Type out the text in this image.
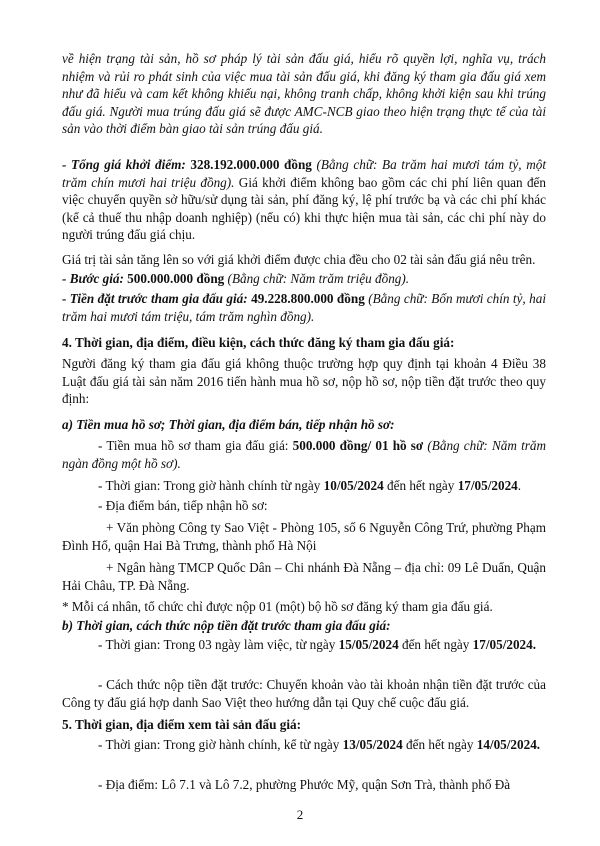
về hiện trạng tài sản, hồ sơ pháp lý tài sản đấu giá, hiểu rõ quyền lợi, nghĩa vụ, trách nhiệm và rủi ro phát sinh của việc mua tài sản đấu giá, khi đăng ký tham gia đấu giá xem như đã hiểu và cam kết không khiếu nại, không tranh chấp, không khởi kiện sau khi trúng đấu giá. Người mua trúng đấu giá sẽ được AMC-NCB giao theo hiện trạng thực tế của tài sản vào thời điểm bàn giao tài sản trúng đấu giá.
- Tổng giá khởi điểm: 328.192.000.000 đồng (Bằng chữ: Ba trăm hai mươi tám tỷ, một trăm chín mươi hai triệu đồng). Giá khởi điểm không bao gồm các chi phí liên quan đến việc chuyển quyền sở hữu/sử dụng tài sản, phí đăng ký, lệ phí trước bạ và các chi phí khác (kể cả thuế thu nhập doanh nghiệp) (nếu có) khi thực hiện mua tài sản, các chi phí này do người trúng đấu giá chịu.
Giá trị tài sản tăng lên so với giá khởi điểm được chia đều cho 02 tài sản đấu giá nêu trên.
- Bước giá: 500.000.000 đồng (Bằng chữ: Năm trăm triệu đồng).
- Tiền đặt trước tham gia đấu giá: 49.228.800.000 đồng (Bằng chữ: Bốn mươi chín tỷ, hai trăm hai mươi tám triệu, tám trăm nghìn đồng).
4. Thời gian, địa điểm, điều kiện, cách thức đăng ký tham gia đấu giá:
Người đăng ký tham gia đấu giá không thuộc trường hợp quy định tại khoản 4 Điều 38 Luật đấu giá tài sản năm 2016 tiến hành mua hồ sơ, nộp hồ sơ, nộp tiền đặt trước theo quy định:
a) Tiền mua hồ sơ; Thời gian, địa điểm bán, tiếp nhận hồ sơ:
- Tiền mua hồ sơ tham gia đấu giá: 500.000 đồng/ 01 hồ sơ (Bằng chữ: Năm trăm ngàn đồng một hồ sơ).
- Thời gian: Trong giờ hành chính từ ngày 10/05/2024 đến hết ngày 17/05/2024.
- Địa điểm bán, tiếp nhận hồ sơ:
+ Văn phòng Công ty Sao Việt - Phòng 105, số 6 Nguyễn Công Trứ, phường Phạm Đình Hổ, quận Hai Bà Trưng, thành phố Hà Nội
+ Ngân hàng TMCP Quốc Dân – Chi nhánh Đà Nẵng – địa chỉ: 09 Lê Duẩn, Quận Hải Châu, TP. Đà Nẵng.
* Mỗi cá nhân, tổ chức chỉ được nộp 01 (một) bộ hồ sơ đăng ký tham gia đấu giá.
b) Thời gian, cách thức nộp tiền đặt trước tham gia đấu giá:
- Thời gian: Trong 03 ngày làm việc, từ ngày 15/05/2024 đến hết ngày 17/05/2024.
- Cách thức nộp tiền đặt trước: Chuyển khoản vào tài khoản nhận tiền đặt trước của Công ty đấu giá hợp danh Sao Việt theo hướng dẫn tại Quy chế cuộc đấu giá.
5. Thời gian, địa điểm xem tài sản đấu giá:
- Thời gian: Trong giờ hành chính, kể từ ngày 13/05/2024 đến hết ngày 14/05/2024.
- Địa điểm: Lô 7.1 và Lô 7.2, phường Phước Mỹ, quận Sơn Trà, thành phố Đà
2
